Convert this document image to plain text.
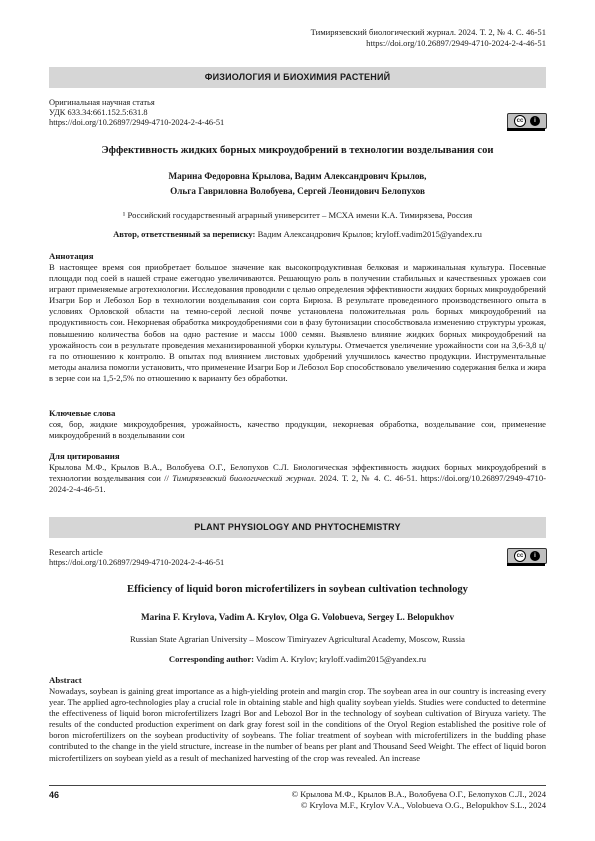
Тимирязевский биологический журнал. 2024. Т. 2, № 4. С. 46-51
https://doi.org/10.26897/2949-4710-2024-2-4-46-51
ФИЗИОЛОГИЯ И БИОХИМИЯ РАСТЕНИЙ
Оригинальная научная статья
УДК 633.34:661.152.5:631.8
https://doi.org/10.26897/2949-4710-2024-2-4-46-51	cc	i
Эффективность жидких борных микроудобрений в технологии возделывания сои
Марина Федоровна Крылова, Вадим Александрович Крылов,
Ольга Гавриловна Волобуева, Сергей Леонидович Белопухов
¹ Российский государственный аграрный университет – МСХА имени К.А. Тимирязева, Россия
Автор, ответственный за переписку: Вадим Александрович Крылов; kryloff.vadim2015@yandex.ru
Аннотация
В настоящее время соя приобретает большое значение как высокопродуктивная белковая и маржинальная культура. Посевные площади под соей в нашей стране ежегодно увеличиваются. Решающую роль в получении стабильных и качественных урожаев сои играют применяемые агротехнологии. Исследования проводили с целью определения эффективности жидких борных микроудобрений Изагри Бор и Лебозол Бор в технологии возделывания сои сорта Бирюза. В результате проведенного производственного опыта в условиях Орловской области на темно-серой лесной почве установлена положительная роль борных микроудобрений на продуктивность сои. Некорневая обработка микроудобрениями сои в фазу бутонизации способствовала изменению структуры урожая, повышению количества бобов на одно растение и массы 1000 семян. Выявлено влияние жидких борных микроудобрений на урожайность сои в результате проведения механизированной уборки культуры. Отмечается увеличение урожайности сои на 3,6-3,8 ц/га по отношению к контролю. В опытах под влиянием листовых удобрений улучшилось качество продукции. Инструментальные методы анализа помогли установить, что применение Изагри Бор и Лебозол Бор способствовало увеличению содержания белка и жира в зерне сои на 1,5-2,5% по отношению к варианту без обработки.
Ключевые слова
соя, бор, жидкие микроудобрения, урожайность, качество продукции, некорневая обработка, возделывание сои, применение микроудобрений в возделывании сои
Для цитирования
Крылова М.Ф., Крылов В.А., Волобуева О.Г., Белопухов С.Л. Биологическая эффективность жидких борных микроудобрений в технологии возделывания сои // Тимирязевский биологический журнал. 2024. Т. 2, № 4. С. 46-51. https://doi.org/10.26897/2949-4710-2024-2-4-46-51.
PLANT PHYSIOLOGY AND PHYTOCHEMISTRY
Research article
https://doi.org/10.26897/2949-4710-2024-2-4-46-51
cc	i
Efficiency of liquid boron microfertilizers in soybean cultivation technology
Marina F. Krylova, Vadim A. Krylov, Olga G. Volobueva, Sergey L. Belopukhov
Russian State Agrarian University – Moscow Timiryazev Agricultural Academy, Moscow, Russia
Corresponding author: Vadim A. Krylov; kryloff.vadim2015@yandex.ru
Abstract
Nowadays, soybean is gaining great importance as a high-yielding protein and margin crop. The soybean area in our country is increasing every year. The applied agro-technologies play a crucial role in obtaining stable and high quality soybean yields. Studies were conducted to determine the effectiveness of liquid boron microfertilizers Izagri Bor and Lebozol Bor in the technology of soybean cultivation of Biryuza variety. The results of the conducted production experiment on dark gray forest soil in the conditions of the Oryol Region established the positive role of boron microfertilizers on the soybean productivity of soybeans. The foliar treatment of soybean with microfertilizers in the budding phase contributed to the change in the yield structure, increase in the number of beans per plant and Thousand Seed Weight. The effect of liquid boron microfertilizers on soybean yield as a result of mechanized harvesting of the crop was revealed. An increase
46	© Крылова М.Ф., Крылов В.А., Волобуева О.Г., Белопухов С.Л., 2024
© Krylova M.F., Krylov V.A., Volobueva O.G., Belopukhov S.L., 2024
